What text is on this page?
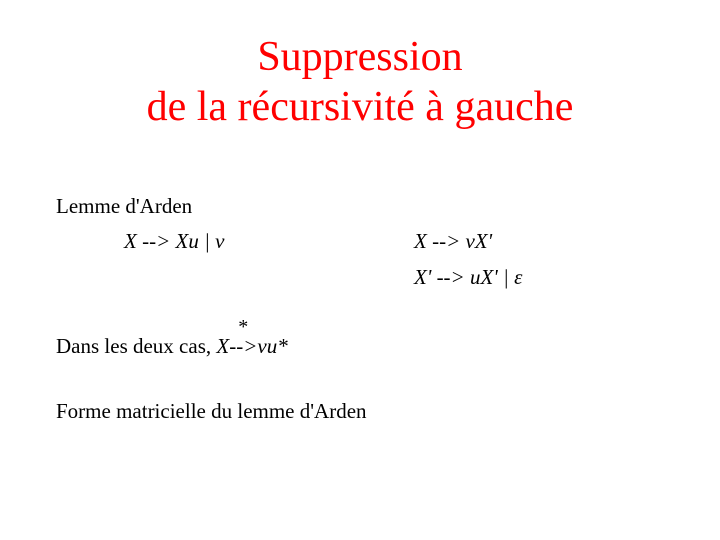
Suppression
de la récursivité à gauche
Lemme d'Arden
X --> Xu | v	X --> vX'
X' --> uX' | ε
Dans les deux cas, X
*
-->vu*
Forme matricielle du lemme d'Arden
